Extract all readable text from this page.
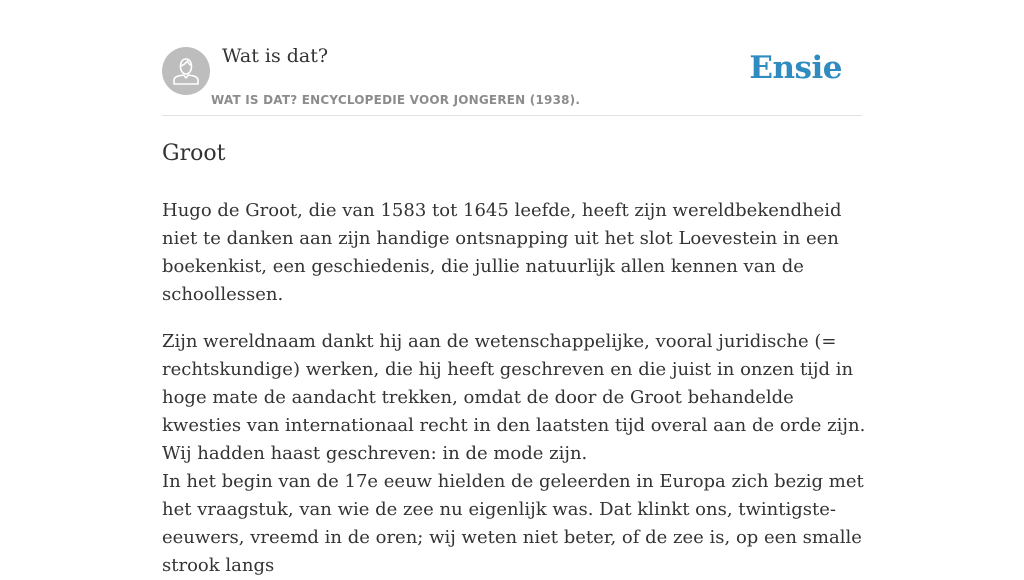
Wat is dat?
WAT IS DAT? ENCYCLOPEDIE VOOR JONGEREN (1938).
Ensie
Groot

Hugo de Groot, die van 1583 tot 1645 leefde, heeft zijn wereldbekendheid niet te danken aan zijn handige ontsnapping uit het slot Loevestein in een boekenkist, een geschiedenis, die jullie natuurlijk allen kennen van de schoollessen.

Zijn wereldnaam dankt hij aan de wetenschappelijke, vooral juridische (= rechtskundige) werken, die hij heeft geschreven en die juist in onzen tijd in hoge mate de aandacht trekken, omdat de door de Groot behandelde kwesties van internationaal recht in den laatsten tijd overal aan de orde zijn. Wij hadden haast geschreven: in de mode zijn.

In het begin van de 17e eeuw hielden de geleerden in Europa zich bezig met het vraagstuk, van wie de zee nu eigenlijk was. Dat klinkt ons, twintigste-eeuwers, vreemd in de oren; wij weten niet beter, of de zee is, op een smalle strook langs
